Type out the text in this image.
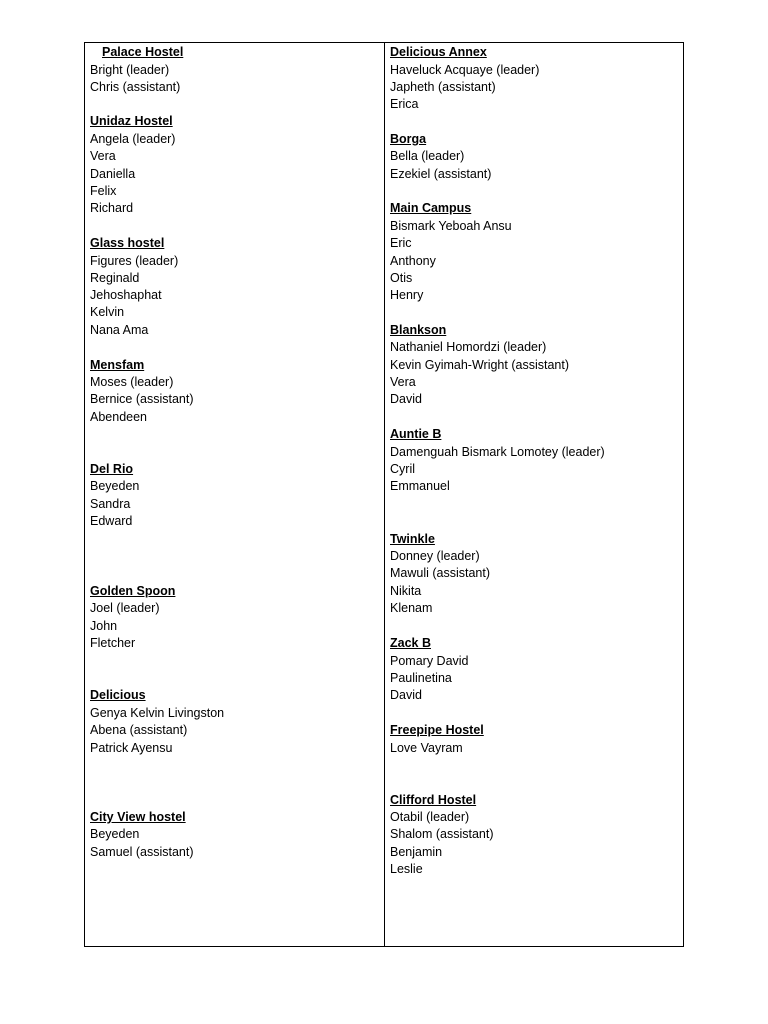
Palace Hostel
Bright (leader)
Chris (assistant)
Unidaz Hostel
Angela (leader)
Vera
Daniella
Felix
Richard
Glass hostel
Figures (leader)
Reginald
Jehoshaphat
Kelvin
Nana Ama
Mensfam
Moses (leader)
Bernice (assistant)
Abendeen
Del Rio
Beyeden
Sandra
Edward
Golden Spoon
Joel (leader)
John
Fletcher
Delicious
Genya Kelvin Livingston
Abena (assistant)
Patrick Ayensu
City View hostel
Beyeden
Samuel (assistant)
Delicious Annex
Haveluck Acquaye (leader)
Japheth (assistant)
Erica
Borga
Bella (leader)
Ezekiel (assistant)
Main Campus
Bismark Yeboah Ansu
Eric
Anthony
Otis
Henry
Blankson
Nathaniel Homordzi (leader)
Kevin Gyimah-Wright (assistant)
Vera
David
Auntie B
Damenguah Bismark Lomotey (leader)
Cyril
Emmanuel
Twinkle
Donney (leader)
Mawuli (assistant)
Nikita
Klenam
Zack B
Pomary David
Paulinetina
David
Freepipe Hostel
Love Vayram
Clifford Hostel
Otabil (leader)
Shalom (assistant)
Benjamin
Leslie
